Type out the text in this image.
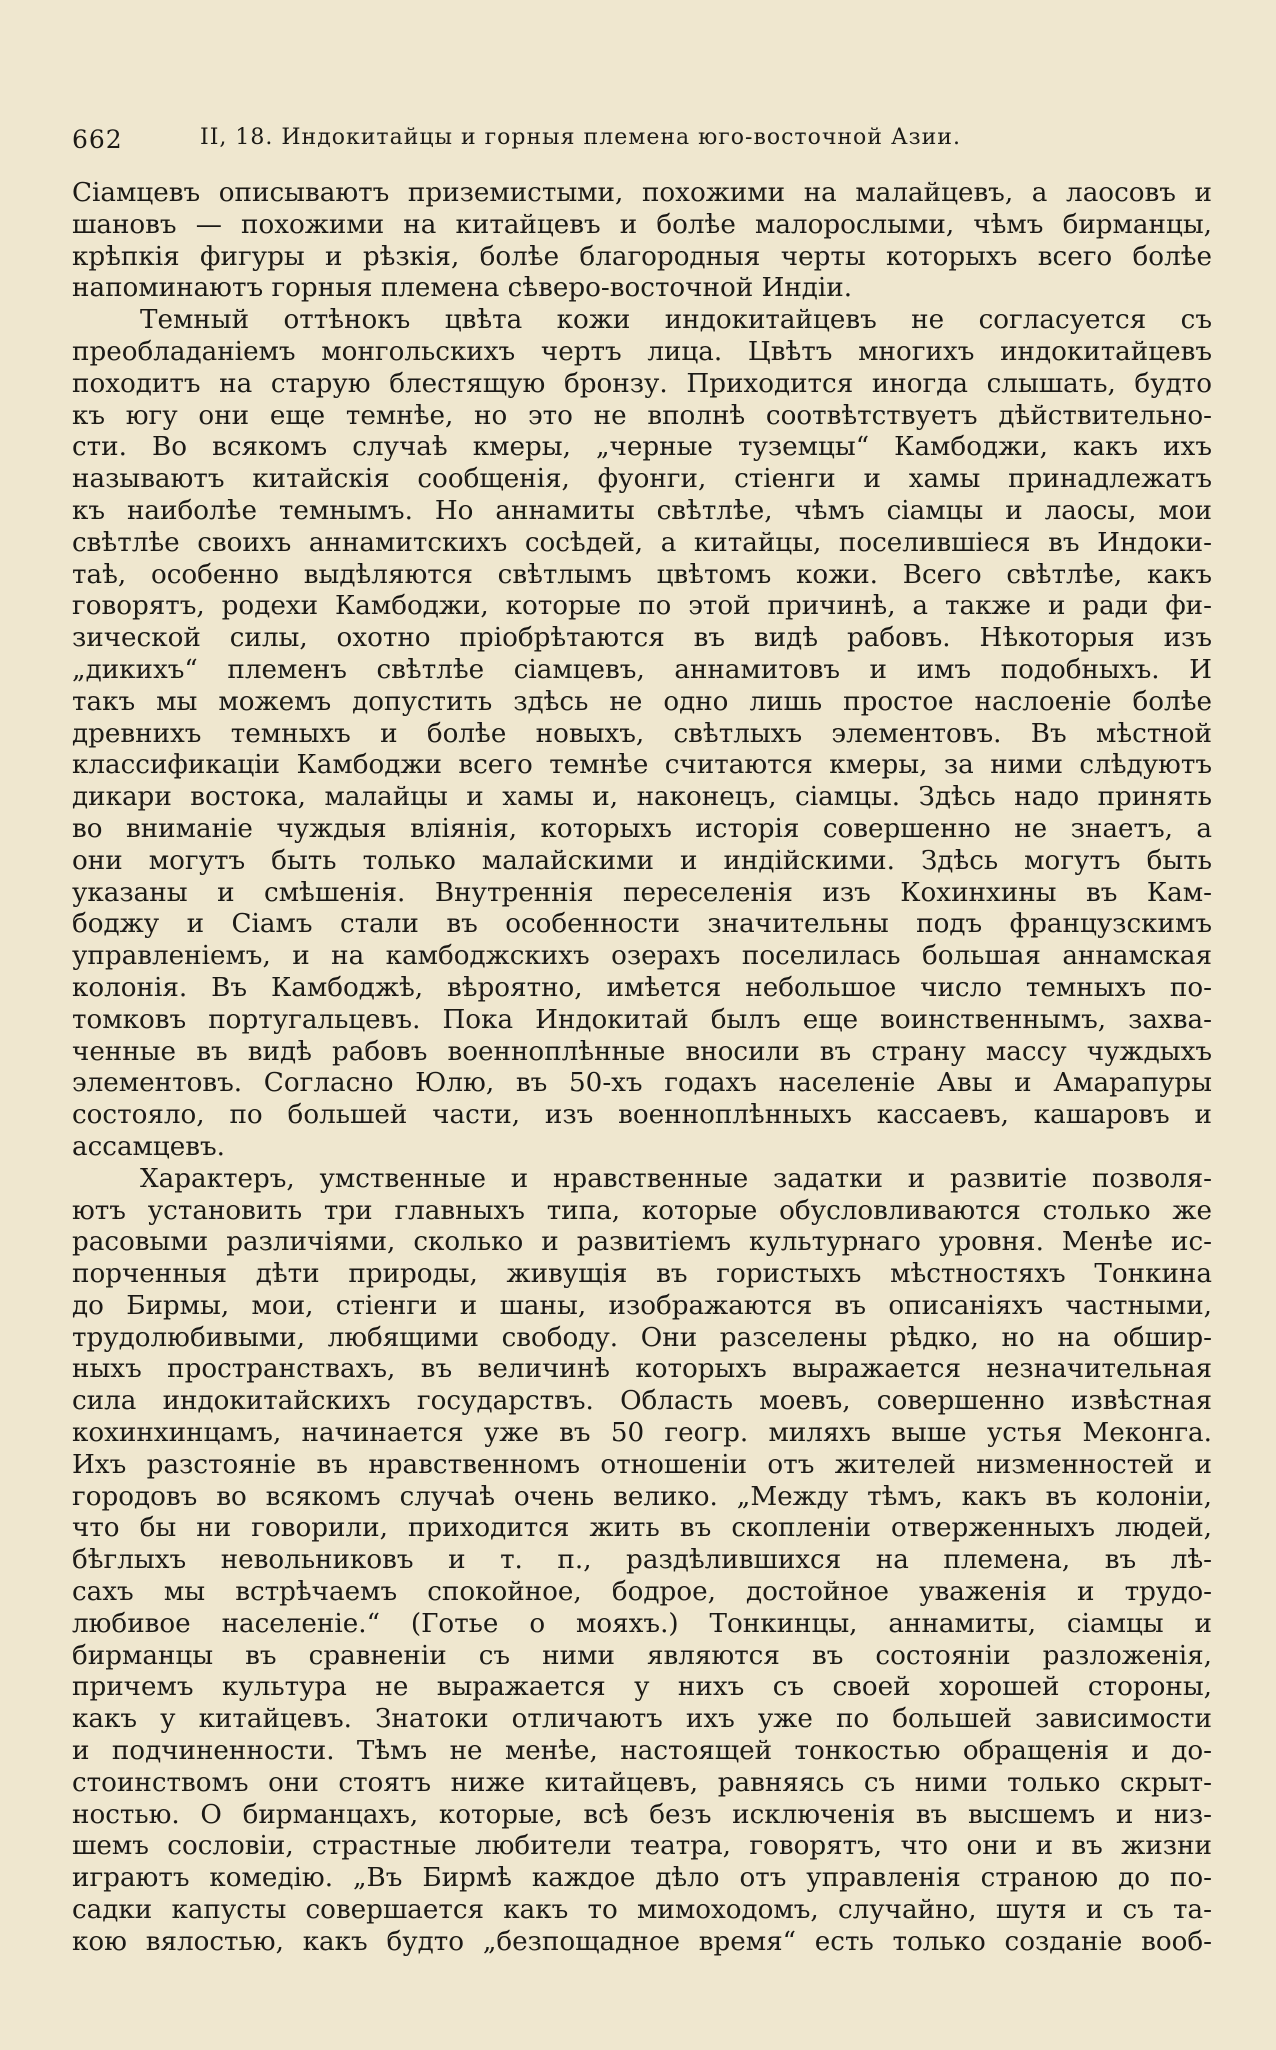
662	II, 18. Индокитайцы и горныя племена юго-восточной Азии.
Сіамцевъ описываютъ приземистыми, похожими на малайцевъ, а лаосовъ и
шановъ — похожими на китайцевъ и болѣе малорослыми, чѣмъ бирманцы,
крѣпкія фигуры и рѣзкія, болѣе благородныя черты которыхъ всего болѣе
напоминаютъ горныя племена сѣверо-восточной Индіи.
Темный оттѣнокъ цвѣта кожи индокитайцевъ не согласуется съ
преобладаніемъ монгольскихъ чертъ лица. Цвѣтъ многихъ индокитайцевъ
походитъ на старую блестящую бронзу. Приходится иногда слышать, будто
къ югу они еще темнѣе, но это не вполнѣ соотвѣтствуетъ дѣйствительно-
сти. Во всякомъ случаѣ кмеры, „черные туземцы“ Камбоджи, какъ ихъ
называютъ китайскія сообщенія, фуонги, стіенги и хамы принадлежатъ
къ наиболѣе темнымъ. Но аннамиты свѣтлѣе, чѣмъ сіамцы и лаосы, мои
свѣтлѣе своихъ аннамитскихъ сосѣдей, а китайцы, поселившіеся въ Индоки-
таѣ, особенно выдѣляются свѣтлымъ цвѣтомъ кожи. Всего свѣтлѣе, какъ
говорятъ, родехи Камбоджи, которые по этой причинѣ, а также и ради фи-
зической силы, охотно пріобрѣтаются въ видѣ рабовъ. Нѣкоторыя изъ
„дикихъ“ племенъ свѣтлѣе сіамцевъ, аннамитовъ и имъ подобныхъ. И
такъ мы можемъ допустить здѣсь не одно лишь простое наслоеніе болѣе
древнихъ темныхъ и болѣе новыхъ, свѣтлыхъ элементовъ. Въ мѣстной
классификаціи Камбоджи всего темнѣе считаются кмеры, за ними слѣдуютъ
дикари востока, малайцы и хамы и, наконецъ, сіамцы. Здѣсь надо принять
во вниманіе чуждыя вліянія, которыхъ исторія совершенно не знаетъ, а
они могутъ быть только малайскими и индійскими. Здѣсь могутъ быть
указаны и смѣшенія. Внутреннія переселенія изъ Кохинхины въ Кам-
боджу и Сіамъ стали въ особенности значительны подъ французскимъ
управленіемъ, и на камбоджскихъ озерахъ поселилась большая аннамская
колонія. Въ Камбоджѣ, вѣроятно, имѣется небольшое число темныхъ по-
томковъ португальцевъ. Пока Индокитай былъ еще воинственнымъ, захва-
ченные въ видѣ рабовъ военноплѣнные вносили въ страну массу чуждыхъ
элементовъ. Согласно Юлю, въ 50-хъ годахъ населеніе Авы и Амарапуры
состояло, по большей части, изъ военноплѣнныхъ кассаевъ, кашаровъ и
ассамцевъ.
Характеръ, умственные и нравственные задатки и развитіе позволя-
ютъ установить три главныхъ типа, которые обусловливаются столько же
расовыми различіями, сколько и развитіемъ культурнаго уровня. Менѣе ис-
порченныя дѣти природы, живущія въ гористыхъ мѣстностяхъ Тонкина
до Бирмы, мои, стіенги и шаны, изображаются въ описаніяхъ частными,
трудолюбивыми, любящими свободу. Они разселены рѣдко, но на обшир-
ныхъ пространствахъ, въ величинѣ которыхъ выражается незначительная
сила индокитайскихъ государствъ. Область моевъ, совершенно извѣстная
кохинхинцамъ, начинается уже въ 50 геогр. миляхъ выше устья Меконга.
Ихъ разстояніе въ нравственномъ отношеніи отъ жителей низменностей и
городовъ во всякомъ случаѣ очень велико. „Между тѣмъ, какъ въ колоніи,
что бы ни говорили, приходится жить въ скопленіи отверженныхъ людей,
бѣглыхъ невольниковъ и т. п., раздѣлившихся на племена, въ лѣ-
сахъ мы встрѣчаемъ спокойное, бодрое, достойное уваженія и трудо-
любивое населеніе.“ (Готье о мояхъ.) Тонкинцы, аннамиты, сіамцы и
бирманцы въ сравненіи съ ними являются въ состояніи разложенія,
причемъ культура не выражается у нихъ съ своей хорошей стороны,
какъ у китайцевъ. Знатоки отличаютъ ихъ уже по большей зависимости
и подчиненности. Тѣмъ не менѣе, настоящей тонкостью обращенія и до-
стоинствомъ они стоятъ ниже китайцевъ, равняясь съ ними только скрыт-
ностью. О бирманцахъ, которые, всѣ безъ исключенія въ высшемъ и низ-
шемъ сословіи, страстные любители театра, говорятъ, что они и въ жизни
играютъ комедію. „Въ Бирмѣ каждое дѣло отъ управленія страною до по-
садки капусты совершается какъ то мимоходомъ, случайно, шутя и съ та-
кою вялостью, какъ будто „безпощадное время“ есть только созданіе вооб-
